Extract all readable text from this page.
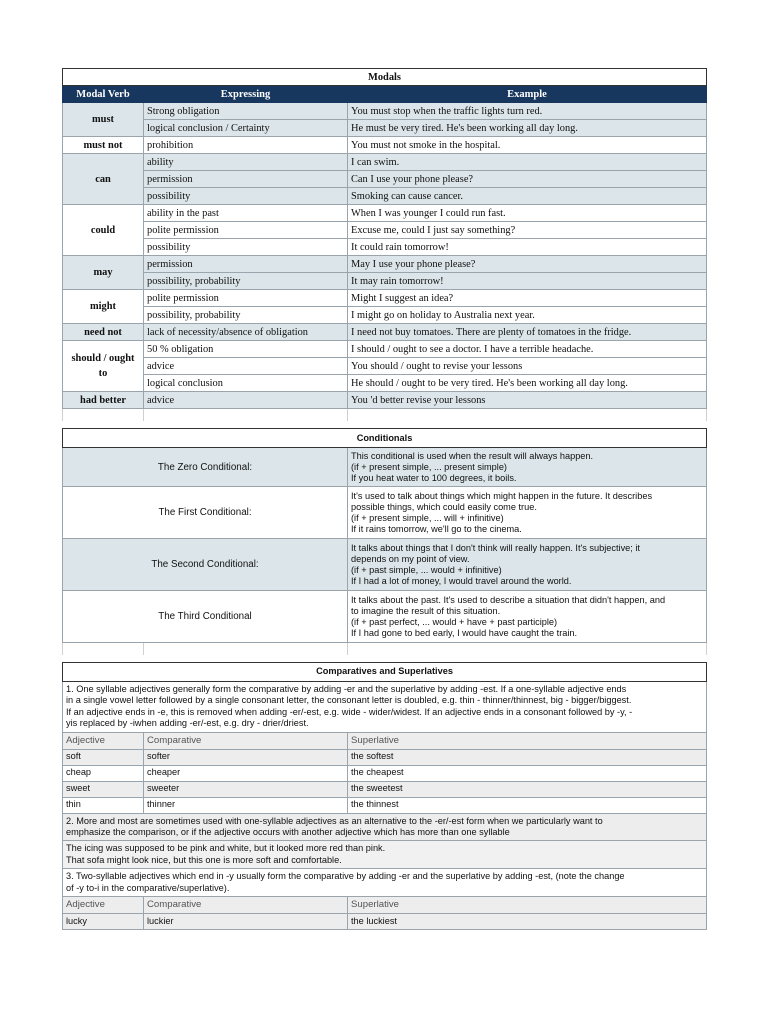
Modals		
Modal Verb	Expressing	Example
must	Strong obligation	You must stop when the traffic lights turn red.
	logical conclusion / Certainty	He must be very tired. He's been working all day long.
must not	prohibition	You must not smoke in the hospital.
can	ability	I can swim.
	permission	Can I use your phone please?
	possibility	Smoking can cause cancer.
could	ability in the past	When I was younger I could run fast.
	polite permission	Excuse me, could I just say something?
	possibility	It could rain tomorrow!
may	permission	May I use your phone please?
	possibility, probability	It may rain tomorrow!
might	polite permission	Might I suggest an idea?
	possibility, probability	I might go on holiday to Australia next year.
need not	lack of necessity/absence of obligation	I need not buy tomatoes. There are plenty of tomatoes in the fridge.
should / ought to	50 % obligation	I should / ought to see a doctor. I have a terrible headache.
	advice	You should / ought to revise your lessons
	logical conclusion	He should / ought to be very tired. He's been working all day long.
had better	advice	You 'd better revise your lessons

Conditionals		
The Zero Conditional:		This conditional is used when the result will always happen.
(if + present simple, ... present simple)
If you heat water to 100 degrees, it boils.

The First Conditional:		It's used to talk about things which might happen in the future. It describes
possible things, which could easily come true.
(if + present simple, ... will + infinitive)
If it rains tomorrow, we'll go to the cinema.

The Second Conditional:		It talks about things that I don't think will really happen. It's subjective; it
depends on my point of view.
(if + past simple, ... would + infinitive)
If I had a lot of money, I would travel around the world.

The Third Conditional		It talks about the past. It's used to describe a situation that didn't happen, and
to imagine the result of this situation.
(if + past perfect, ... would + have + past participle)
If I had gone to bed early, I would have caught the train.

Comparatives and Superlatives		

1. One syllable adjectives generally form the comparative by adding -er and the superlative by adding -est. If a one-syllable adjective ends
in a single vowel letter followed by a single consonant letter, the consonant letter is doubled, e.g. thin - thinner/thinnest, big - bigger/biggest.
If an adjective ends in -e, this is removed when adding -er/-est, e.g. wide - wider/widest. If an adjective ends in a consonant followed by -y, -
yis replaced by -iwhen adding -er/-est, e.g. dry - drier/driest.		

Adjective	Comparative	Superlative
soft	softer	the softest
cheap	cheaper	the cheapest
sweet	sweeter	the sweetest
thin	thinner	the thinnest

2. More and most are sometimes used with one-syllable adjectives as an alternative to the -er/-est form when we particularly want to
emphasize the comparison, or if the adjective occurs with another adjective which has more than one syllable		

The icing was supposed to be pink and white, but it looked more red than pink.
That sofa might look nice, but this one is more soft and comfortable.		

3. Two-syllable adjectives which end in -y usually form the comparative by adding -er and the superlative by adding -est, (note the change
of -y to-i in the comparative/superlative).		

Adjective	Comparative	Superlative
lucky	luckier	the luckiest
